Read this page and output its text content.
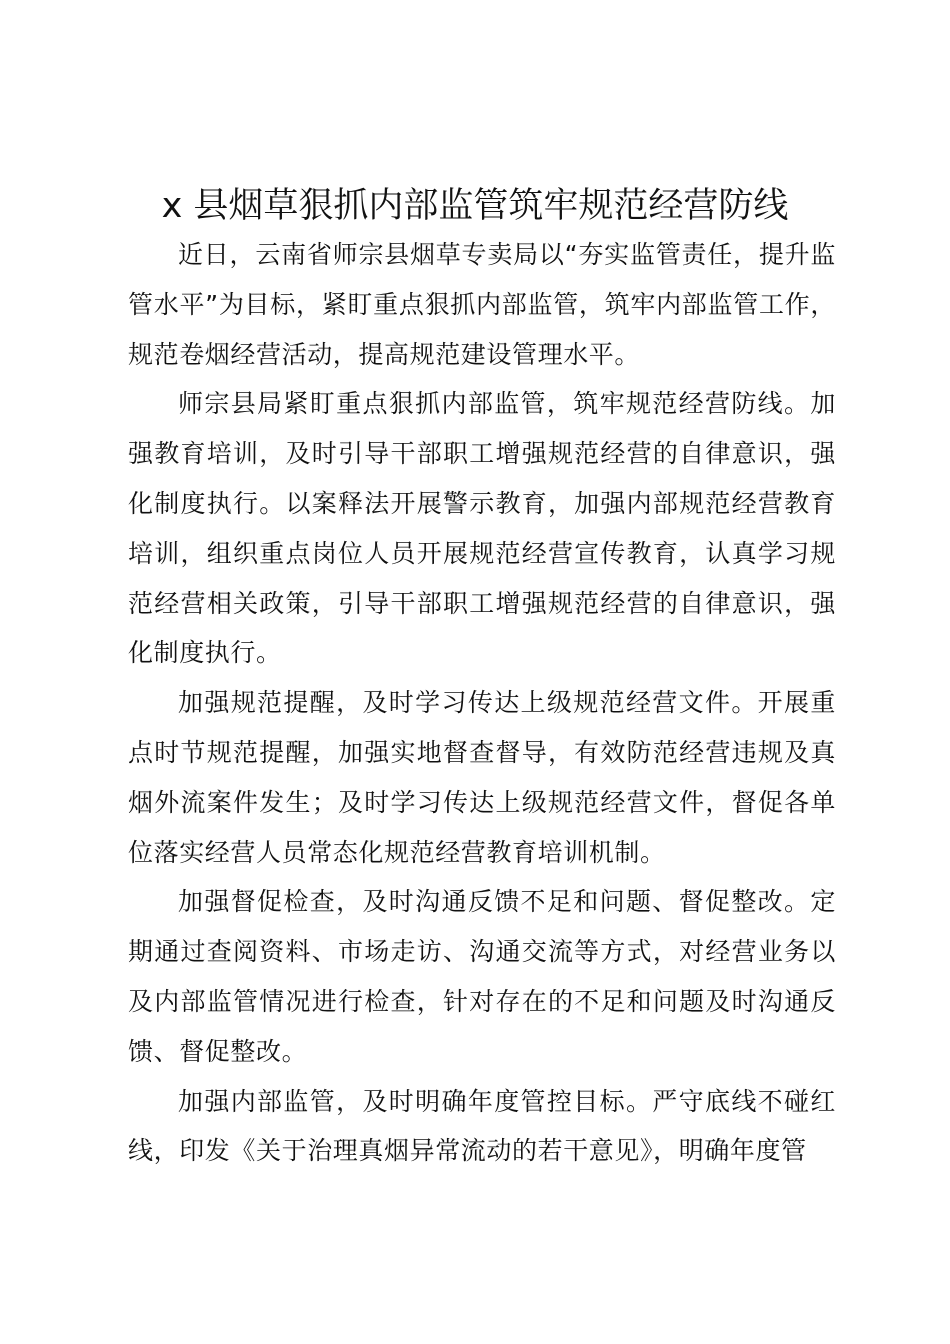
x 县烟草狠抓内部监管筑牢规范经营防线

近日，云南省师宗县烟草专卖局以“夯实监管责任，提升监管水平”为目标，紧盯重点狠抓内部监管，筑牢内部监管工作，规范卷烟经营活动，提高规范建设管理水平。

师宗县局紧盯重点狠抓内部监管，筑牢规范经营防线。加强教育培训，及时引导干部职工增强规范经营的自律意识，强化制度执行。以案释法开展警示教育，加强内部规范经营教育培训，组织重点岗位人员开展规范经营宣传教育，认真学习规范经营相关政策，引导干部职工增强规范经营的自律意识，强化制度执行。

加强规范提醒，及时学习传达上级规范经营文件。开展重点时节规范提醒，加强实地督查督导，有效防范经营违规及真烟外流案件发生；及时学习传达上级规范经营文件，督促各单位落实经营人员常态化规范经营教育培训机制。

加强督促检查，及时沟通反馈不足和问题、督促整改。定期通过查阅资料、市场走访、沟通交流等方式，对经营业务以及内部监管情况进行检查，针对存在的不足和问题及时沟通反馈、督促整改。

加强内部监管，及时明确年度管控目标。严守底线不碰红线，印发《关于治理真烟异常流动的若干意见》，明确年度管
